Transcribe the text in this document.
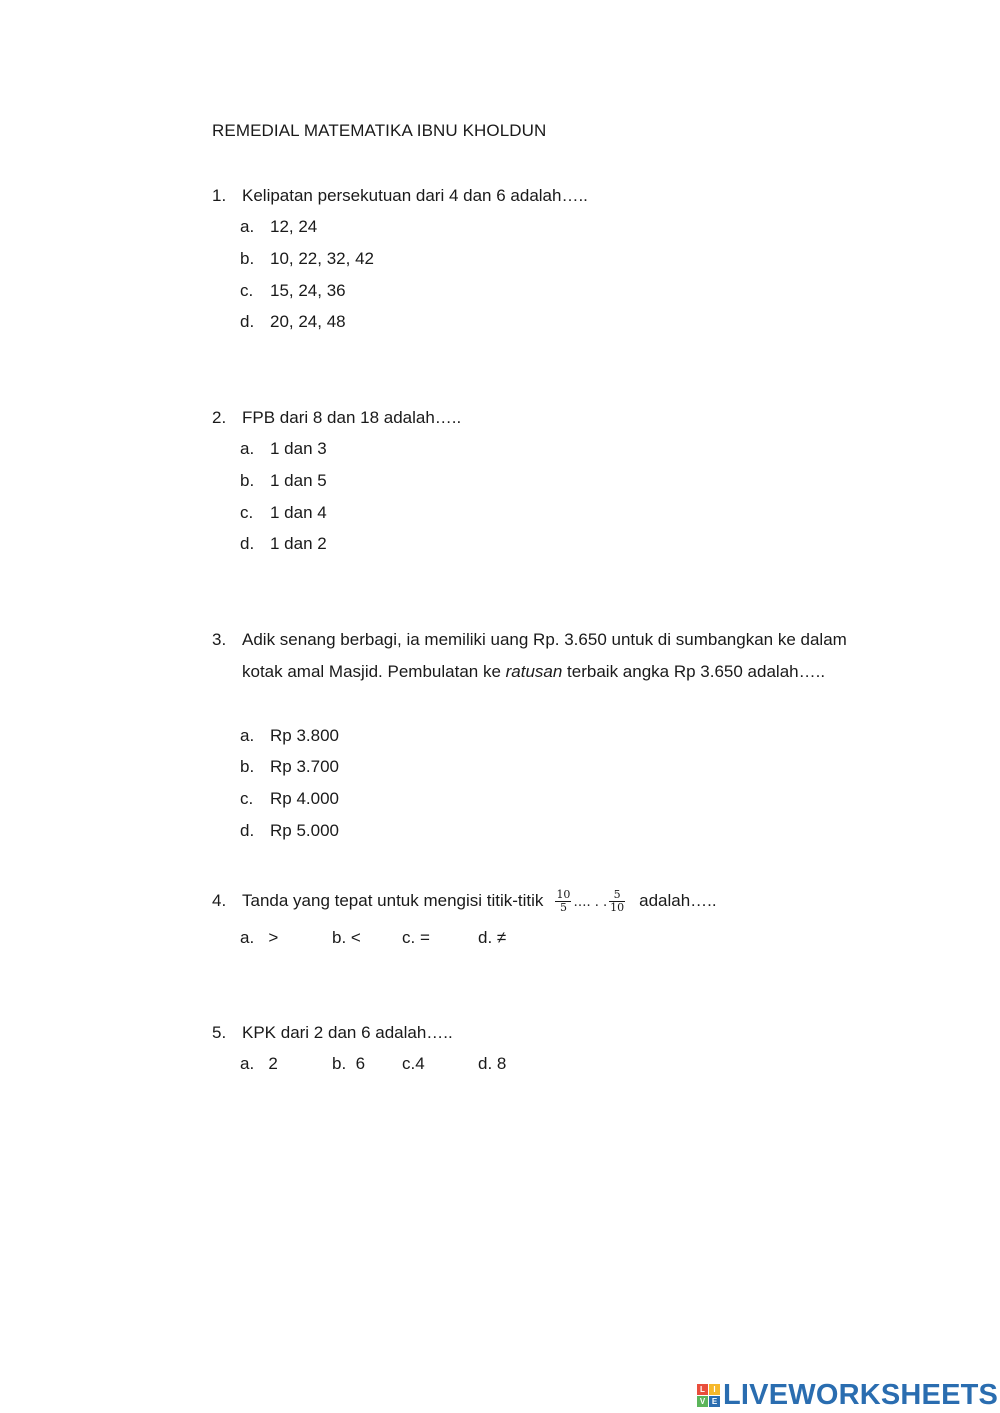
REMEDIAL MATEMATIKA IBNU KHOLDUN
1. Kelipatan persekutuan dari 4 dan 6 adalah…..
a. 12, 24
b. 10, 22, 32, 42
c. 15, 24, 36
d. 20, 24, 48
2. FPB dari 8 dan 18 adalah…..
a. 1 dan 3
b. 1 dan 5
c. 1 dan 4
d. 1 dan 2
3. Adik senang berbagi, ia memiliki uang Rp. 3.650 untuk di sumbangkan ke dalam kotak amal Masjid. Pembulatan ke ratusan terbaik angka Rp 3.650 adalah…..
a. Rp 3.800
b. Rp 3.700
c. Rp 4.000
d. Rp 5.000
4. Tanda yang tepat untuk mengisi titik-titik $\frac{10}{5}$ …. . . $\frac{5}{10}$ adalah…..
a. >	b. < c. =	d. ≠
5. KPK dari 2 dan 6 adalah…..
a. 2	b. 6 c.4	d. 8
L	I
V E LIVEWORKSHEETS
